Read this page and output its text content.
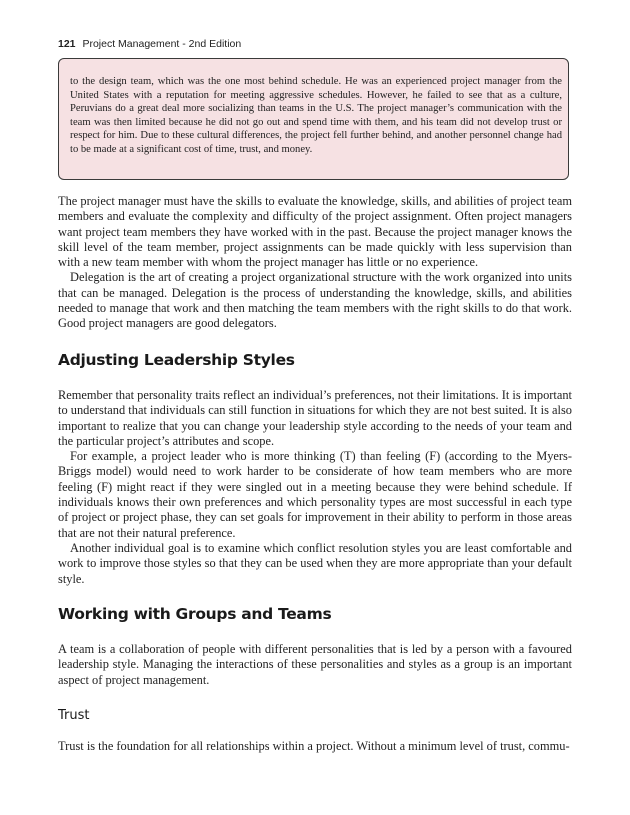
121 Project Management - 2nd Edition

to the design team, which was the one most behind schedule. He was an experienced project manager from the United States with a reputation for meeting aggressive schedules. However, he failed to see that as a culture, Peruvians do a great deal more socializing than teams in the U.S. The project manager’s communication with the team was then limited because he did not go out and spend time with them, and his team did not develop trust or respect for him. Due to these cultural differences, the project fell further behind, and another personnel change had to be made at a significant cost of time, trust, and money.

The project manager must have the skills to evaluate the knowledge, skills, and abilities of project team members and evaluate the complexity and difficulty of the project assignment. Often project managers want project team members they have worked with in the past. Because the project manager knows the skill level of the team member, project assignments can be made quickly with less supervision than with a new team member with whom the project manager has little or no experience.

Delegation is the art of creating a project organizational structure with the work organized into units that can be managed. Delegation is the process of understanding the knowledge, skills, and abilities needed to manage that work and then matching the team members with the right skills to do that work. Good project managers are good delegators.

Adjusting Leadership Styles

Remember that personality traits reflect an individual’s preferences, not their limitations. It is important to understand that individuals can still function in situations for which they are not best suited. It is also important to realize that you can change your leadership style according to the needs of your team and the particular project’s attributes and scope.

For example, a project leader who is more thinking (T) than feeling (F) (according to the Myers-Briggs model) would need to work harder to be considerate of how team members who are more feeling (F) might react if they were singled out in a meeting because they were behind schedule. If individuals knows their own preferences and which personality types are most successful in each type of project or project phase, they can set goals for improvement in their ability to perform in those areas that are not their natural preference.

Another individual goal is to examine which conflict resolution styles you are least comfortable and work to improve those styles so that they can be used when they are more appropriate than your default style.

Working with Groups and Teams

A team is a collaboration of people with different personalities that is led by a person with a favoured leadership style. Managing the interactions of these personalities and styles as a group is an important aspect of project management.

Trust

Trust is the foundation for all relationships within a project. Without a minimum level of trust, commu-
